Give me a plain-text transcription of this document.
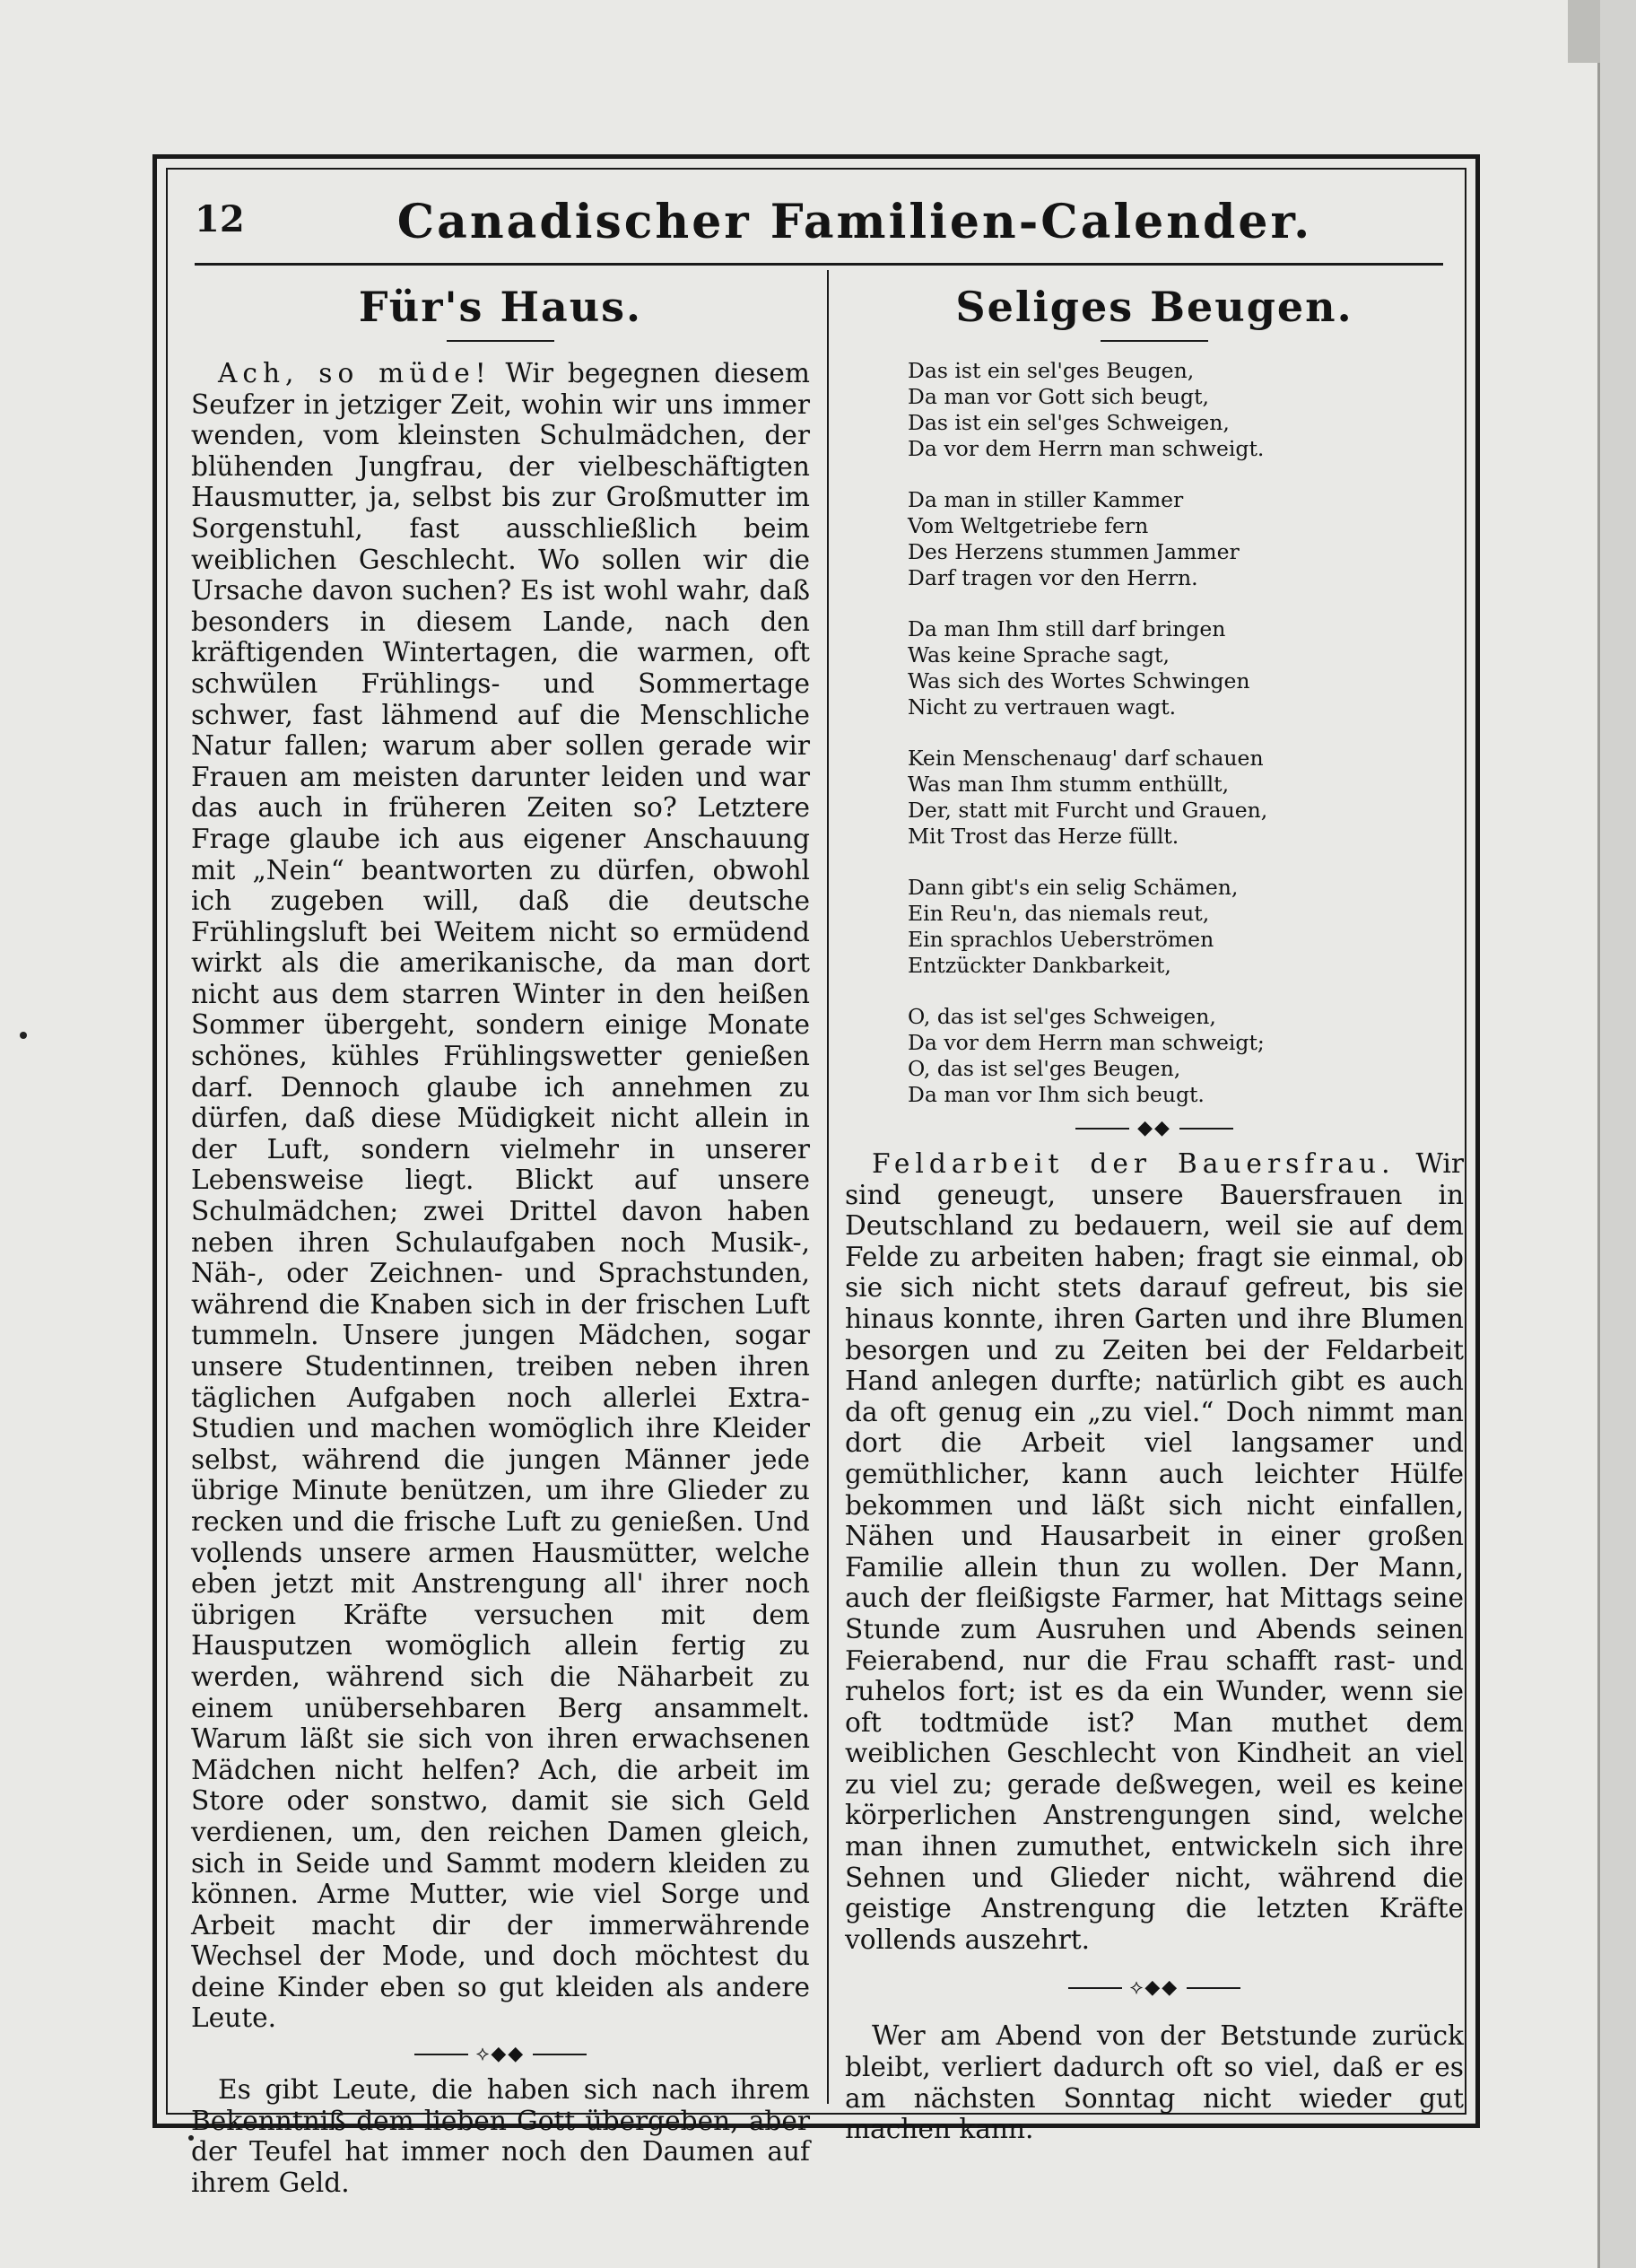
12	Canadischer Familien-Calender.
Für's Haus.

Ach, so müde! Wir begegnen diesem Seufzer in jetziger Zeit, wohin wir uns immer wenden, vom kleinsten Schulmädchen, der blühenden Jungfrau, der vielbeschäftigten Hausmutter, ja, selbst bis zur Großmutter im Sorgenstuhl, fast ausschließlich beim weiblichen Geschlecht. Wo sollen wir die Ursache davon suchen? Es ist wohl wahr, daß besonders in diesem Lande, nach den kräftigenden Wintertagen, die warmen, oft schwülen Frühlings- und Sommertage schwer, fast lähmend auf die Menschliche Natur fallen; warum aber sollen gerade wir Frauen am meisten darunter leiden und war das auch in früheren Zeiten so? Letztere Frage glaube ich aus eigener Anschauung mit „Nein“ beantworten zu dürfen, obwohl ich zugeben will, daß die deutsche Frühlingsluft bei Weitem nicht so ermüdend wirkt als die amerikanische, da man dort nicht aus dem starren Winter in den heißen Sommer übergeht, sondern einige Monate schönes, kühles Frühlingswetter genießen darf. Dennoch glaube ich annehmen zu dürfen, daß diese Müdigkeit nicht allein in der Luft, sondern vielmehr in unserer Lebensweise liegt. Blickt auf unsere Schulmädchen; zwei Drittel davon haben neben ihren Schulaufgaben noch Musik-, Näh-, oder Zeichnen- und Sprachstunden, während die Knaben sich in der frischen Luft tummeln. Unsere jungen Mädchen, sogar unsere Studentinnen, treiben neben ihren täglichen Aufgaben noch allerlei Extra-Studien und machen womöglich ihre Kleider selbst, während die jungen Männer jede übrige Minute benützen, um ihre Glieder zu recken und die frische Luft zu genießen. Und vollends unsere armen Hausmütter, welche eben jetzt mit Anstrengung all' ihrer noch übrigen Kräfte versuchen mit dem Hausputzen womöglich allein fertig zu werden, während sich die Näharbeit zu einem unübersehbaren Berg ansammelt. Warum läßt sie sich von ihren erwachsenen Mädchen nicht helfen? Ach, die arbeit im Store oder sonstwo, damit sie sich Geld verdienen, um, den reichen Damen gleich, sich in Seide und Sammt modern kleiden zu können. Arme Mutter, wie viel Sorge und Arbeit macht dir der immerwährende Wechsel der Mode, und doch möchtest du deine Kinder eben so gut kleiden als andere Leute.

⟡◆◆

Es gibt Leute, die haben sich nach ihrem Bekenntniß dem lieben Gott übergeben, aber der Teufel hat immer noch den Daumen auf ihrem Geld.

Seliges Beugen.
Das ist ein sel'ges Beugen,
Da man vor Gott sich beugt,
Das ist ein sel'ges Schweigen,
Da vor dem Herrn man schweigt.
Da man in stiller Kammer
Vom Weltgetriebe fern
Des Herzens stummen Jammer
Darf tragen vor den Herrn.
Da man Ihm still darf bringen
Was keine Sprache sagt,
Was sich des Wortes Schwingen
Nicht zu vertrauen wagt.
Kein Menschenaug' darf schauen
Was man Ihm stumm enthüllt,
Der, statt mit Furcht und Grauen,
Mit Trost das Herze füllt.
Dann gibt's ein selig Schämen,
Ein Reu'n, das niemals reut,
Ein sprachlos Ueberströmen
Entzückter Dankbarkeit,
O, das ist sel'ges Schweigen,
Da vor dem Herrn man schweigt;
O, das ist sel'ges Beugen,
Da man vor Ihm sich beugt.
◆◆

Feldarbeit der Bauersfrau. Wir sind geneugt, unsere Bauersfrauen in Deutschland zu bedauern, weil sie auf dem Felde zu arbeiten haben; fragt sie einmal, ob sie sich nicht stets darauf gefreut, bis sie hinaus konnte, ihren Garten und ihre Blumen besorgen und zu Zeiten bei der Feldarbeit Hand anlegen durfte; natürlich gibt es auch da oft genug ein „zu viel.“ Doch nimmt man dort die Arbeit viel langsamer und gemüthlicher, kann auch leichter Hülfe bekommen und läßt sich nicht einfallen, Nähen und Hausarbeit in einer großen Familie allein thun zu wollen. Der Mann, auch der fleißigste Farmer, hat Mittags seine Stunde zum Ausruhen und Abends seinen Feierabend, nur die Frau schafft rast- und ruhelos fort; ist es da ein Wunder, wenn sie oft todtmüde ist? Man muthet dem weiblichen Geschlecht von Kindheit an viel zu viel zu; gerade deßwegen, weil es keine körperlichen Anstrengungen sind, welche man ihnen zumuthet, entwickeln sich ihre Sehnen und Glieder nicht, während die geistige Anstrengung die letzten Kräfte vollends auszehrt.

⟡◆◆

Wer am Abend von der Betstunde zurück bleibt, verliert dadurch oft so viel, daß er es am nächsten Sonntag nicht wieder gut machen kann.
